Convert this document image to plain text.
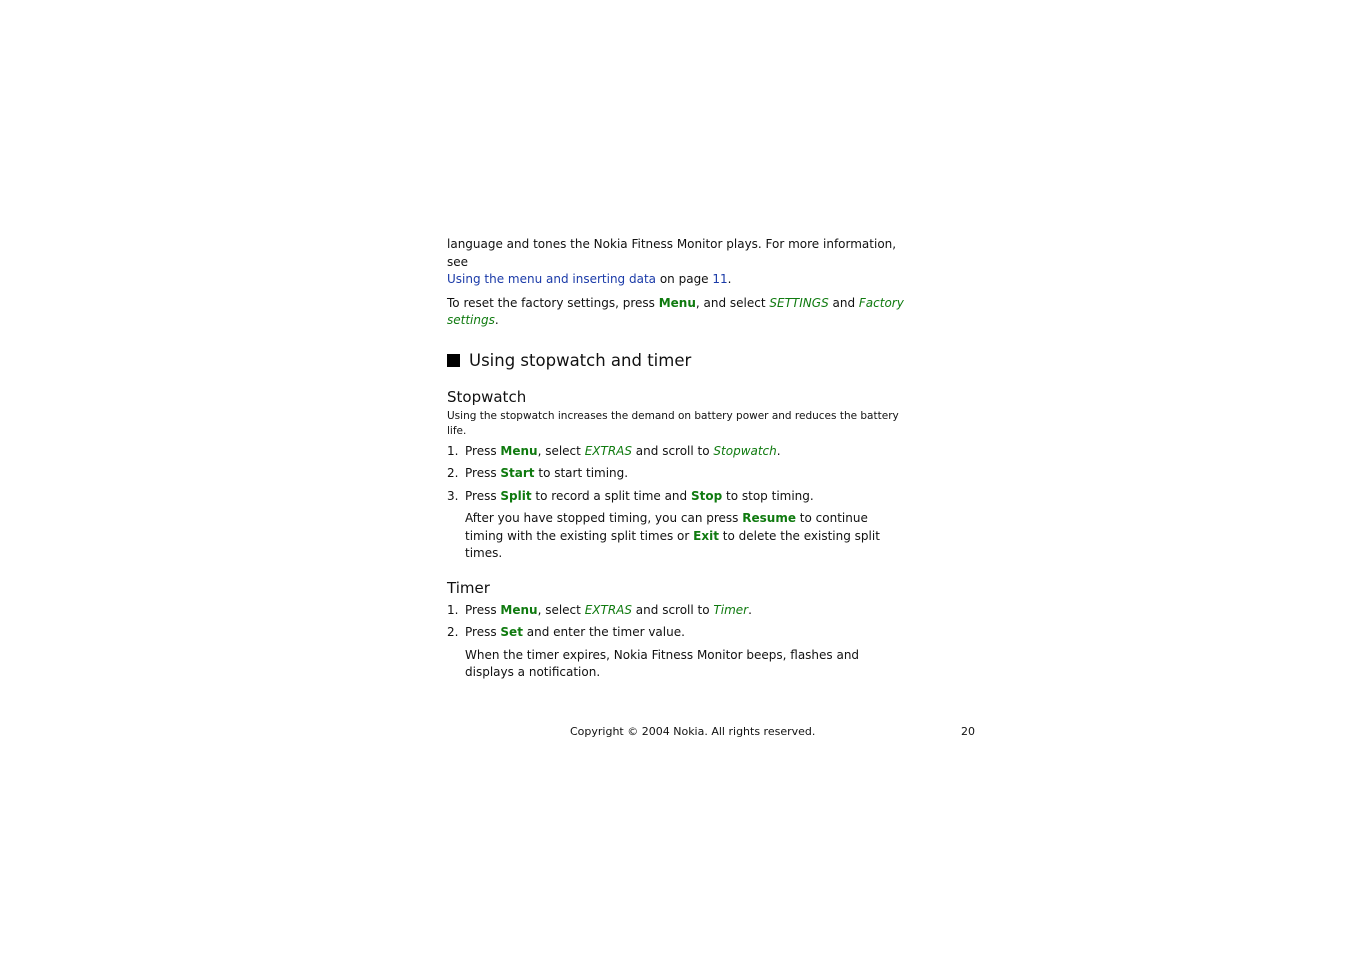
language and tones the Nokia Fitness Monitor plays. For more information, see
Using the menu and inserting data on page 11.

To reset the factory settings, press Menu, and select SETTINGS and Factory settings.

Using stopwatch and timer
Stopwatch

Using the stopwatch increases the demand on battery power and reduces the battery life.

1. Press Menu, select EXTRAS and scroll to Stopwatch.
2. Press Start to start timing.
3. Press Split to record a split time and Stop to stop timing.

After you have stopped timing, you can press Resume to continue timing with the existing split times or Exit to delete the existing split times.

Timer
1. Press Menu, select EXTRAS and scroll to Timer.
2. Press Set and enter the timer value.

When the timer expires, Nokia Fitness Monitor beeps, flashes and displays a notification.

Copyright © 2004 Nokia. All rights reserved.	20
